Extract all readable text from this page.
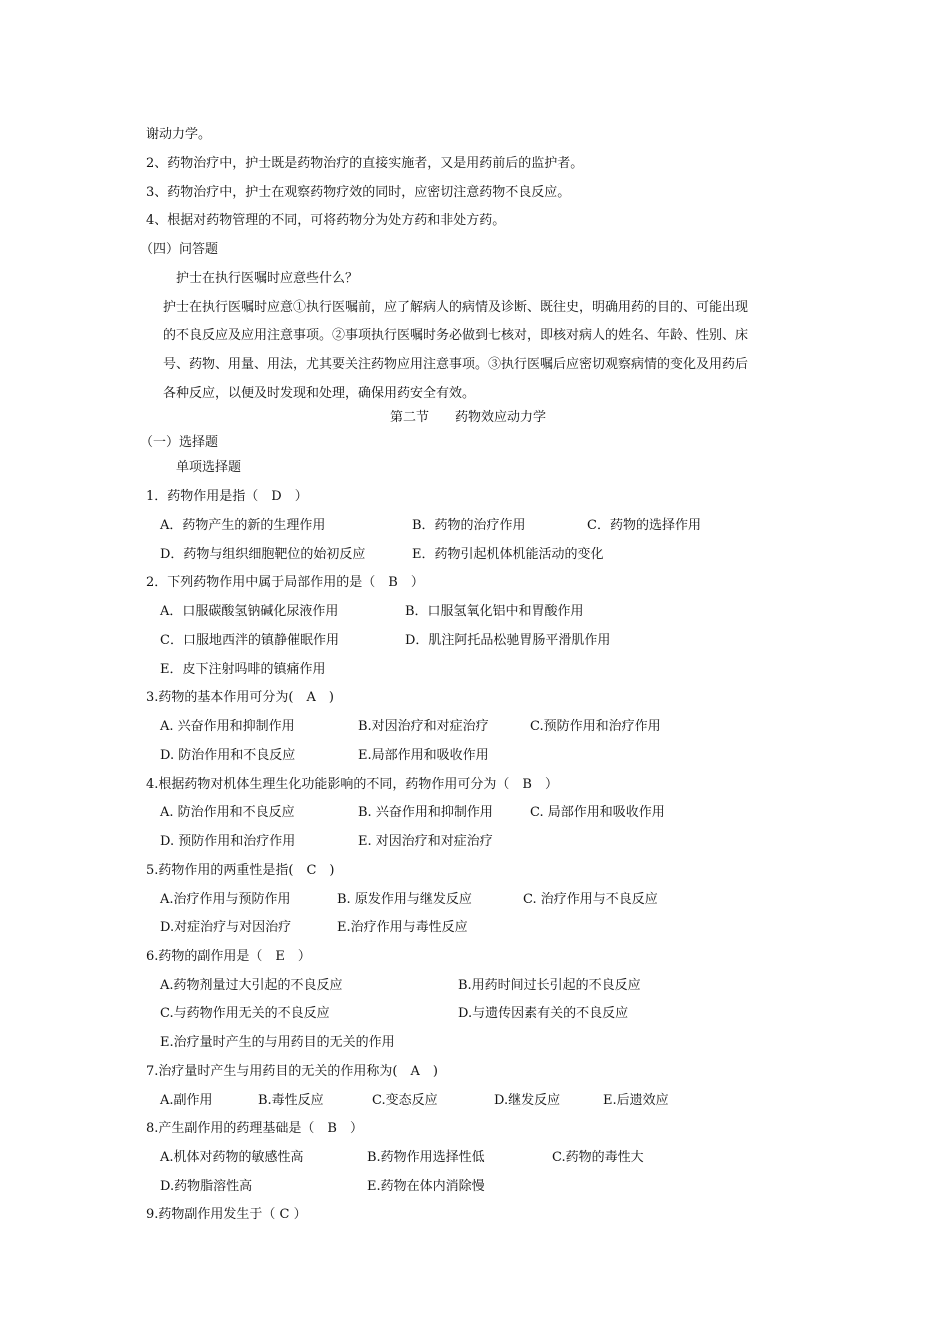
谢动力学。
2、药物治疗中，护士既是药物治疗的直接实施者，又是用药前后的监护者。
3、药物治疗中，护士在观察药物疗效的同时，应密切注意药物不良反应。
4、根据对药物管理的不同，可将药物分为处方药和非处方药。
（四）问答题
护士在执行医嘱时应意些什么？
护士在执行医嘱时应意①执行医嘱前，应了解病人的病情及诊断、既往史，明确用药的目的、可能出现
的不良反应及应用注意事项。②事项执行医嘱时务必做到七核对，即核对病人的姓名、年龄、性别、床
号、药物、用量、用法，尤其要关注药物应用注意事项。③执行医嘱后应密切观察病情的变化及用药后
各种反应，以便及时发现和处理，确保用药安全有效。
第二节　　药物效应动力学
（一）选择题
单项选择题
1．药物作用是指（　D　）
A．药物产生的新的生理作用	B．药物的治疗作用	C．药物的选择作用
D．药物与组织细胞靶位的始初反应	E．药物引起机体机能活动的变化
2．下列药物作用中属于局部作用的是（　B　）
A．口服碳酸氢钠碱化尿液作用	B．口服氢氧化铝中和胃酸作用
C．口服地西泮的镇静催眠作用	D．肌注阿托品松驰胃肠平滑肌作用
E．皮下注射吗啡的镇痛作用
3.药物的基本作用可分为(　A　)
A. 兴奋作用和抑制作用	B.对因治疗和对症治疗	C.预防作用和治疗作用
D. 防治作用和不良反应	E.局部作用和吸收作用
4.根据药物对机体生理生化功能影响的不同，药物作用可分为（　B　）
A. 防治作用和不良反应	B. 兴奋作用和抑制作用	C. 局部作用和吸收作用
D. 预防作用和治疗作用	E. 对因治疗和对症治疗
5.药物作用的两重性是指(　C　)
A.治疗作用与预防作用	B. 原发作用与继发反应	C. 治疗作用与不良反应
D.对症治疗与对因治疗	E.治疗作用与毒性反应
6.药物的副作用是（　E　）
A.药物剂量过大引起的不良反应	B.用药时间过长引起的不良反应
C.与药物作用无关的不良反应	D.与遗传因素有关的不良反应
E.治疗量时产生的与用药目的无关的作用
7.治疗量时产生与用药目的无关的作用称为(　A　)
A.副作用	B.毒性反应	C.变态反应	D.继发反应	E.后遗效应
8.产生副作用的药理基础是（　B　）
A.机体对药物的敏感性高	B.药物作用选择性低	C.药物的毒性大
D.药物脂溶性高	E.药物在体内消除慢
9.药物副作用发生于（ C ）
